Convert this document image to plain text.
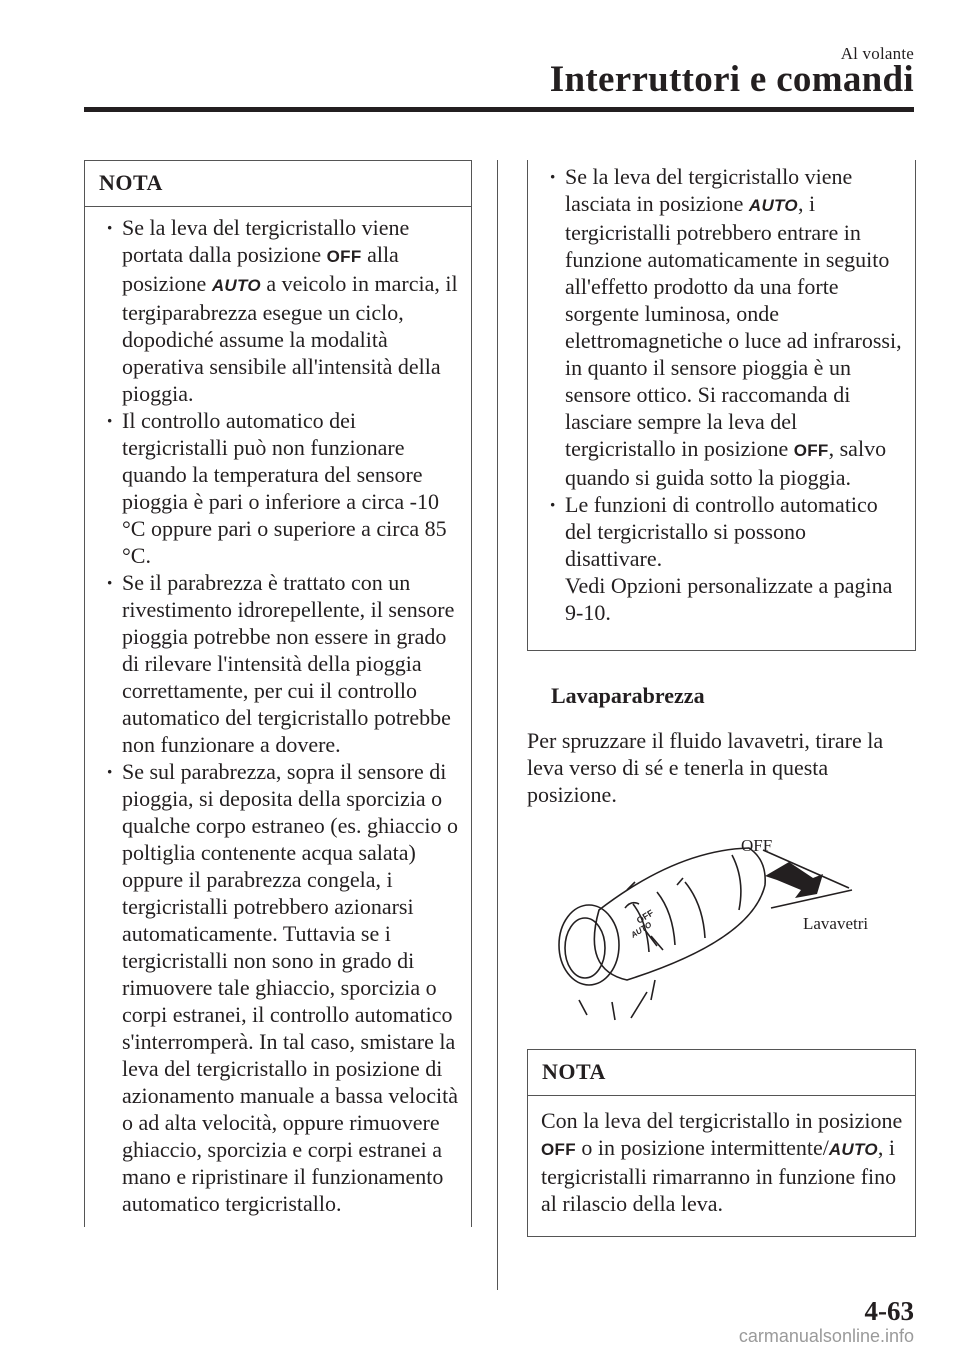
Al volante
Interruttori e comandi
NOTA
· Se la leva del tergicristallo viene portata dalla posizione OFF alla posizione AUTO a veicolo in marcia, il tergiparabrezza esegue un ciclo, dopodiché assume la modalità operativa sensibile all'intensità della pioggia.
· Il controllo automatico dei tergicristalli può non funzionare quando la temperatura del sensore pioggia è pari o inferiore a circa -10 °C oppure pari o superiore a circa 85 °C.
· Se il parabrezza è trattato con un rivestimento idrorepellente, il sensore pioggia potrebbe non essere in grado di rilevare l'intensità della pioggia correttamente, per cui il controllo automatico del tergicristallo potrebbe non funzionare a dovere.
· Se sul parabrezza, sopra il sensore di pioggia, si deposita della sporcizia o qualche corpo estraneo (es. ghiaccio o poltiglia contenente acqua salata) oppure il parabrezza congela, i tergicristalli potrebbero azionarsi automaticamente. Tuttavia se i tergicristalli non sono in grado di rimuovere tale ghiaccio, sporcizia o corpi estranei, il controllo automatico s'interromperà. In tal caso, smistare la leva del tergicristallo in posizione di azionamento manuale a bassa velocità o ad alta velocità, oppure rimuovere ghiaccio, sporcizia e corpi estranei a mano e ripristinare il funzionamento automatico tergicristallo.
· Se la leva del tergicristallo viene lasciata in posizione AUTO, i tergicristalli potrebbero entrare in funzione automaticamente in seguito all'effetto prodotto da una forte sorgente luminosa, onde elettromagnetiche o luce ad infrarossi, in quanto il sensore pioggia è un sensore ottico. Si raccomanda di lasciare sempre la leva del tergicristallo in posizione OFF, salvo quando si guida sotto la pioggia.
· Le funzioni di controllo automatico del tergicristallo si possono disattivare.
Vedi Opzioni personalizzate a pagina 9-10.
Lavaparabrezza
Per spruzzare il fluido lavavetri, tirare la leva verso di sé e tenerla in questa posizione.
OFF
AUTO
OFF
Lavavetri
NOTA
Con la leva del tergicristallo in posizione OFF o in posizione intermittente/AUTO, i tergicristalli rimarranno in funzione fino al rilascio della leva.
4-63
carmanualsonline.info
